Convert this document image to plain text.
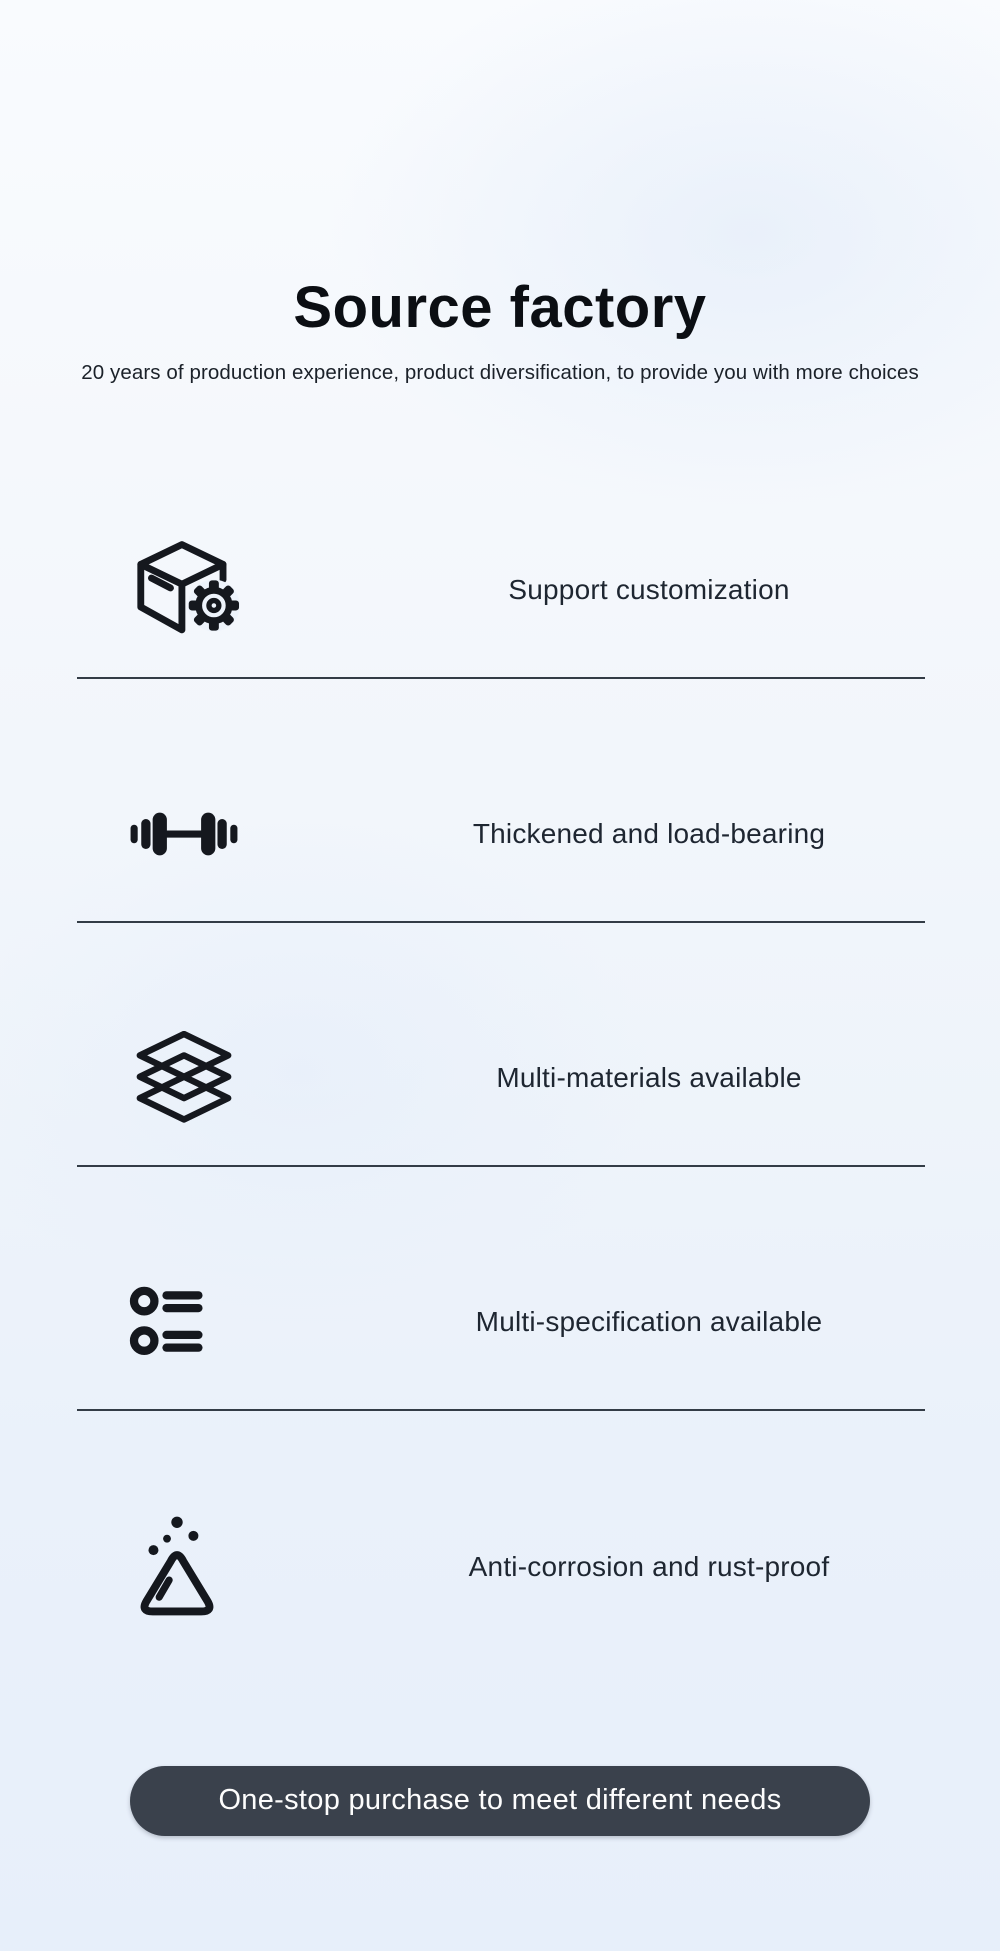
Source factory
20 years of production experience, product diversification, to provide you with more choices
Support customization
Thickened and load-bearing
Multi-materials available
Multi-specification available
Anti-corrosion and rust-proof
One-stop purchase to meet different needs
